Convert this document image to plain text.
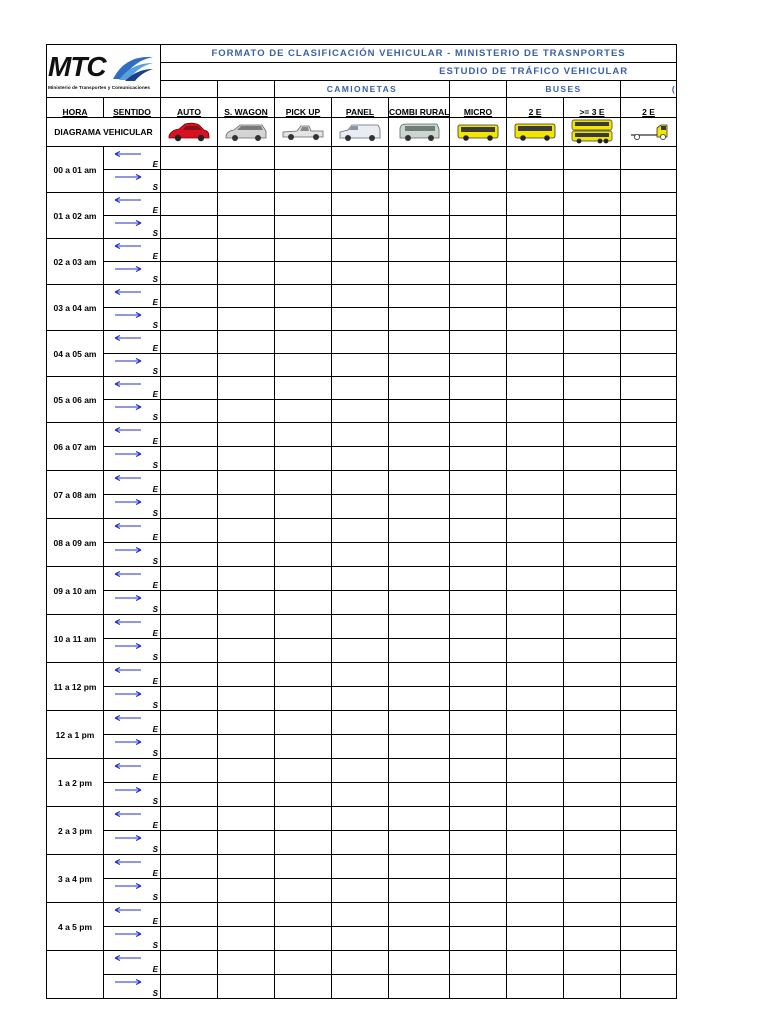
MTC
Ministerio de Transportes y Comunicaciones		FORMATO DE CLASIFICACIÓN VEHICULAR - MINISTERIO DE TRASNPORTES								
		ESTUDIO DE TRÁFICO VEHICULAR								
				CAMIONETAS				BUSES		(
HORA	SENTIDO	AUTO	S. WAGON	PICK UP	PANEL	COMBI RURAL	MICRO	2 E	>= 3 E	2 E
DIAGRAMA VEHICULAR	

00 a 01 am	E									

	S									

01 a 02 am	E									

	S									

02 a 03 am	E									

	S									

03 a 04 am	E									

	S									

04 a 05 am	E									

	S									

05 a 06 am	E									

	S									

06 a 07 am	E									

	S									

07 a 08 am	E									

	S									

08 a 09 am	E									

	S									

09 a 10 am	E									

	S									

10 a 11 am	E									

	S									

11 a 12 pm	E									

	S									

12 a 1 pm	E									

	S									

1 a 2 pm	E									

	S									

2 a 3 pm	E									

	S									

3 a 4 pm	E									

	S									

4 a 5 pm	E									

	S									

	E									

	S									
